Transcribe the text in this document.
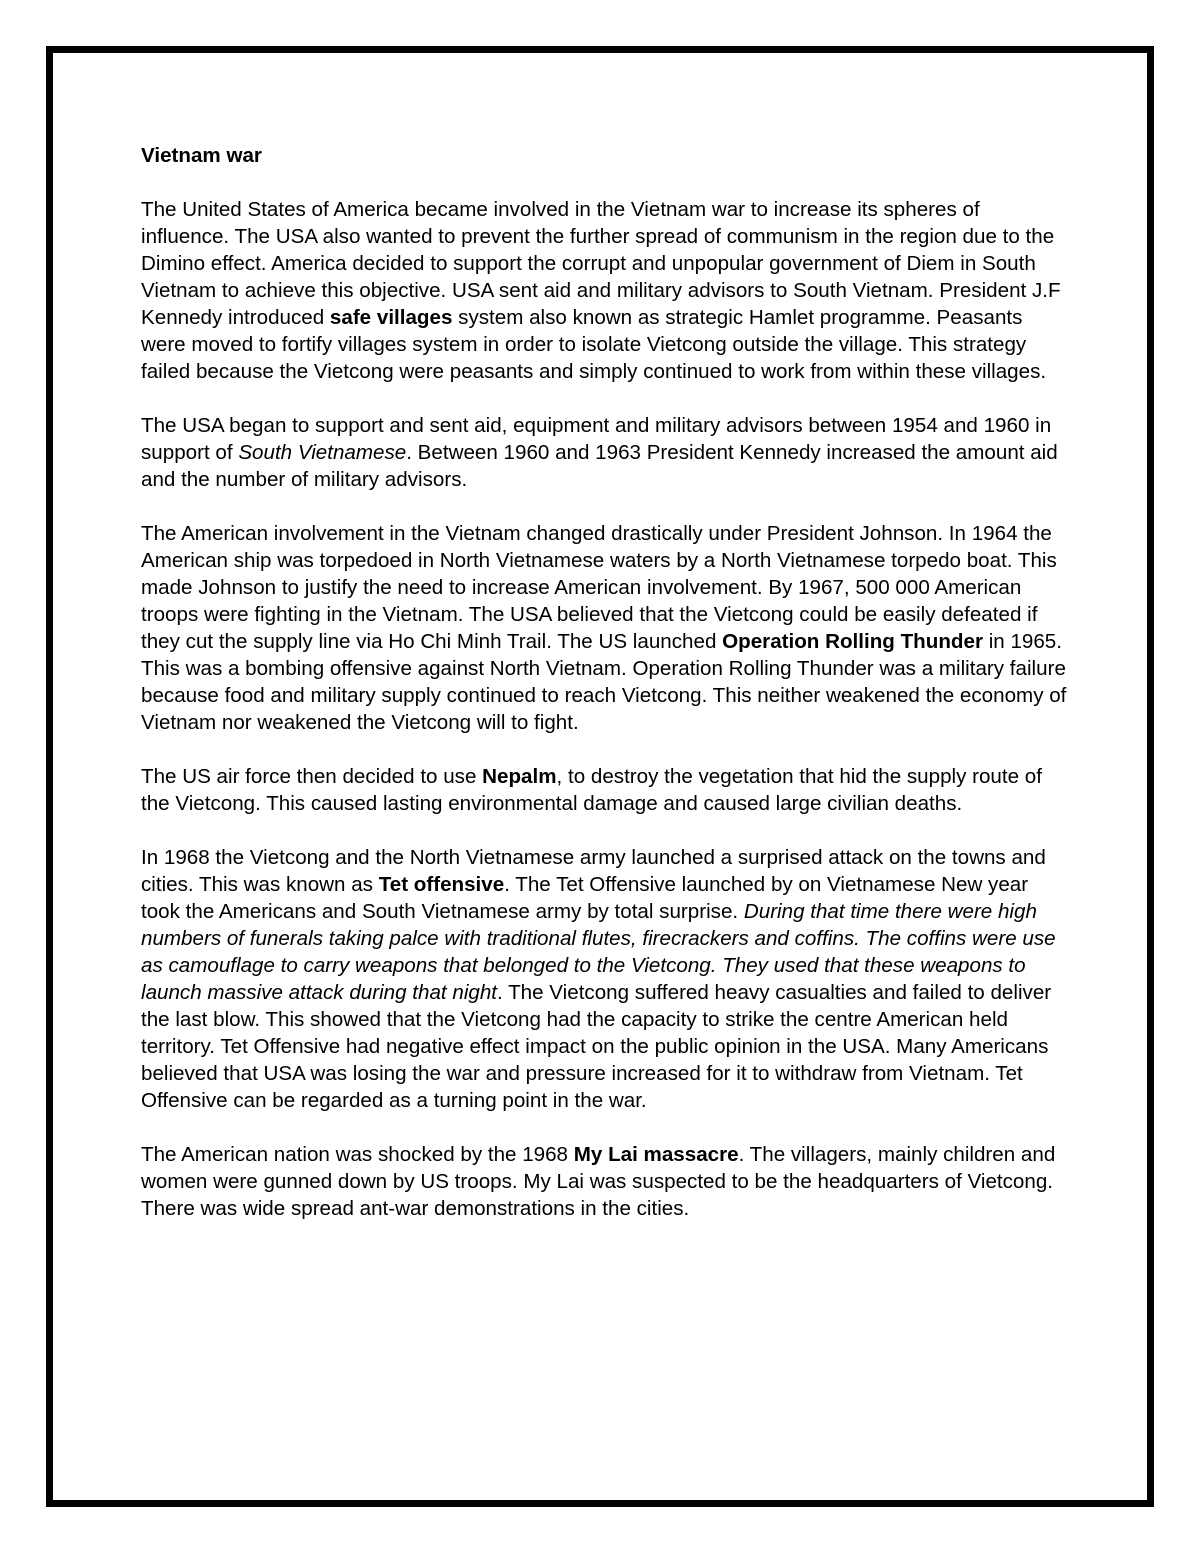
Vietnam war

The United States of America became involved in the Vietnam war to increase its spheres of influence. The USA also wanted to prevent the further spread of communism in the region due to the Dimino effect. America decided to support the corrupt and unpopular government of Diem in South Vietnam to achieve this objective. USA sent aid and military advisors to South Vietnam. President J.F Kennedy introduced safe villages system also known as strategic Hamlet programme. Peasants were moved to fortify villages system in order to isolate Vietcong outside the village. This strategy failed because the Vietcong were peasants and simply continued to work from within these villages.

The USA began to support and sent aid, equipment and military advisors between 1954 and 1960 in support of South Vietnamese. Between 1960 and 1963 President Kennedy increased the amount aid and the number of military advisors.

The American involvement in the Vietnam changed drastically under President Johnson. In 1964 the American ship was torpedoed in North Vietnamese waters by a North Vietnamese torpedo boat. This made Johnson to justify the need to increase American involvement. By 1967, 500 000 American troops were fighting in the Vietnam. The USA believed that the Vietcong could be easily defeated if they cut the supply line via Ho Chi Minh Trail. The US launched Operation Rolling Thunder in 1965. This was a bombing offensive against North Vietnam. Operation Rolling Thunder was a military failure because food and military supply continued to reach Vietcong. This neither weakened the economy of Vietnam nor weakened the Vietcong will to fight.

The US air force then decided to use Nepalm, to destroy the vegetation that hid the supply route of the Vietcong. This caused lasting environmental damage and caused large civilian deaths.

In 1968 the Vietcong and the North Vietnamese army launched a surprised attack on the towns and cities. This was known as Tet offensive. The Tet Offensive launched by on Vietnamese New year took the Americans and South Vietnamese army by total surprise. During that time there were high numbers of funerals taking palce with traditional flutes, firecrackers and coffins. The coffins were use as camouflage to carry weapons that belonged to the Vietcong. They used that these weapons to launch massive attack during that night. The Vietcong suffered heavy casualties and failed to deliver the last blow. This showed that the Vietcong had the capacity to strike the centre American held territory. Tet Offensive had negative effect impact on the public opinion in the USA. Many Americans believed that USA was losing the war and pressure increased for it to withdraw from Vietnam. Tet Offensive can be regarded as a turning point in the war.

The American nation was shocked by the 1968 My Lai massacre. The villagers, mainly children and women were gunned down by US troops. My Lai was suspected to be the headquarters of Vietcong. There was wide spread ant-war demonstrations in the cities.
